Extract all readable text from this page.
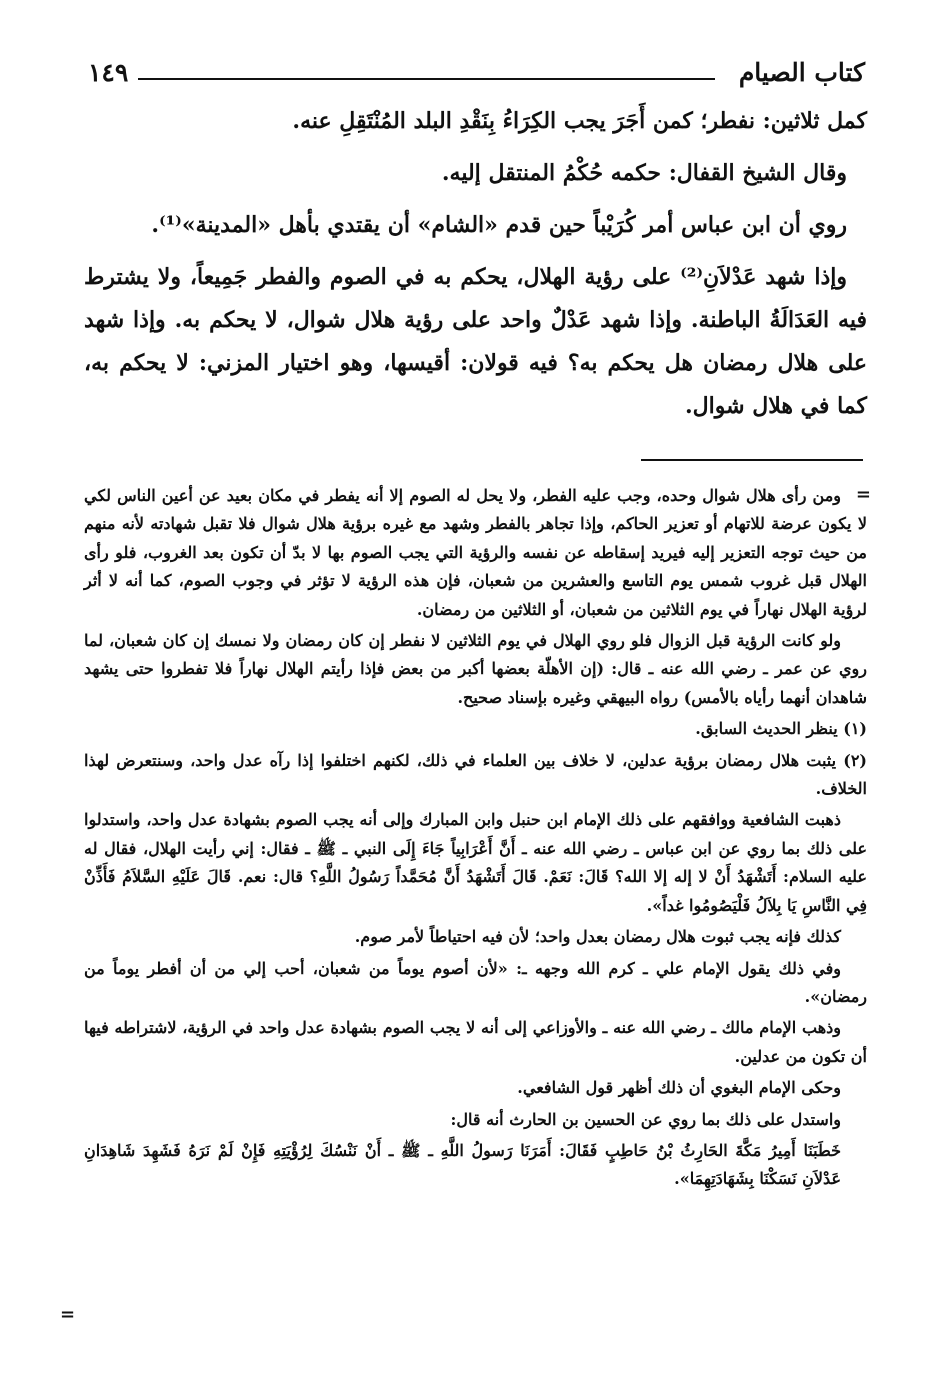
كتاب الصيام
١٤٩

كمل ثلاثين: نفطر؛ كمن أَجَرَ يجب الكِرَاءُ بِنَقْدِ البلد المُنْتَقِلِ عنه.

وقال الشيخ القفال: حكمه حُكْمُ المنتقل إليه.

روي أن ابن عباس أمر كُرَيْباً حين قدم «الشام» أن يقتدي بأهل «المدينة»⁽¹⁾.

وإذا شهد عَدْلاَنِ⁽²⁾ على رؤية الهلال، يحكم به في الصوم والفطر جَمِيعاً، ولا يشترط فيه العَدَالَةُ الباطنة. وإذا شهد عَدْلٌ واحد على رؤية هلال شوال، لا يحكم به. وإذا شهد على هلال رمضان هل يحكم به؟ فيه قولان: أقيسها، وهو اختيار المزني: لا يحكم به، كما في هلال شوال.

=

ومن رأى هلال شوال وحده، وجب عليه الفطر، ولا يحل له الصوم إلا أنه يفطر في مكان بعيد عن أعين الناس لكي لا يكون عرضة للاتهام أو تعزير الحاكم، وإذا تجاهر بالفطر وشهد مع غيره برؤية هلال شوال فلا تقبل شهادته لأنه منهم من حيث توجه التعزير إليه فيريد إسقاطه عن نفسه والرؤية التي يجب الصوم بها لا بدّ أن تكون بعد الغروب، فلو رأى الهلال قبل غروب شمس يوم التاسع والعشرين من شعبان، فإن هذه الرؤية لا تؤثر في وجوب الصوم، كما أنه لا أثر لرؤية الهلال نهاراً في يوم الثلاثين من شعبان، أو الثلاثين من رمضان.

ولو كانت الرؤية قبل الزوال فلو روي الهلال في يوم الثلاثين لا نفطر إن كان رمضان ولا نمسك إن كان شعبان، لما روي عن عمر ـ رضي الله عنه ـ قال: (إن الأهلّة بعضها أكبر من بعض فإذا رأيتم الهلال نهاراً فلا تفطروا حتى يشهد شاهدان أنهما رأياه بالأمس) رواه البيهقي وغيره بإسناد صحيح.

(١) ينظر الحديث السابق.

(٢) يثبت هلال رمضان برؤية عدلين، لا خلاف بين العلماء في ذلك، لكنهم اختلفوا إذا رآه عدل واحد، وسنتعرض لهذا الخلاف.

ذهبت الشافعية ووافقهم على ذلك الإمام ابن حنبل وابن المبارك وإلى أنه يجب الصوم بشهادة عدل واحد، واستدلوا على ذلك بما روي عن ابن عباس ـ رضي الله عنه ـ أَنَّ أَعْرَابِياً جَاءَ إِلَى النبي ـ ﷺ ـ فقال: إني رأيت الهلال، فقال له عليه السلام: أَتَشْهَدُ أَنْ لا إله إلا الله؟ قَالَ: نَعَمْ. قَالَ أَتَشْهَدُ أَنَّ مُحَمَّداً رَسُولُ اللَّهِ؟ قال: نعم. قَالَ عَلَيْهِ السَّلاَمُ فَأَذِّنْ فِي النَّاسِ يَا بِلاَلُ فَلْيَصُومُوا غداً».

كذلك فإنه يجب ثبوت هلال رمضان بعدل واحد؛ لأن فيه احتياطاً لأمر صوم.

وفي ذلك يقول الإمام علي ـ كرم الله وجهه ـ: «لأن أصوم يوماً من شعبان، أحب إلي من أن أفطر يوماً من رمضان».

وذهب الإمام مالك ـ رضي الله عنه ـ والأوزاعي إلى أنه لا يجب الصوم بشهادة عدل واحد في الرؤية، لاشتراطه فيها أن تكون من عدلين.

وحكى الإمام البغوي أن ذلك أظهر قول الشافعي.

واستدل على ذلك بما روي عن الحسين بن الحارث أنه قال:

خَطَبَنَا أَمِيرُ مَكَّةَ الحَارِثُ بْنُ حَاطِبٍ فَقَالَ: أَمَرَنَا رَسولُ اللَّهِ ـ ﷺ ـ أَنْ نَنْسُكَ لِرُؤْيَتِهِ فَإِنْ لَمْ نَرَهُ فَشَهِدَ شَاهِدَانِ عَدْلاَنِ نَسَكْنَا بِشَهَادَتِهِمَا».

=
